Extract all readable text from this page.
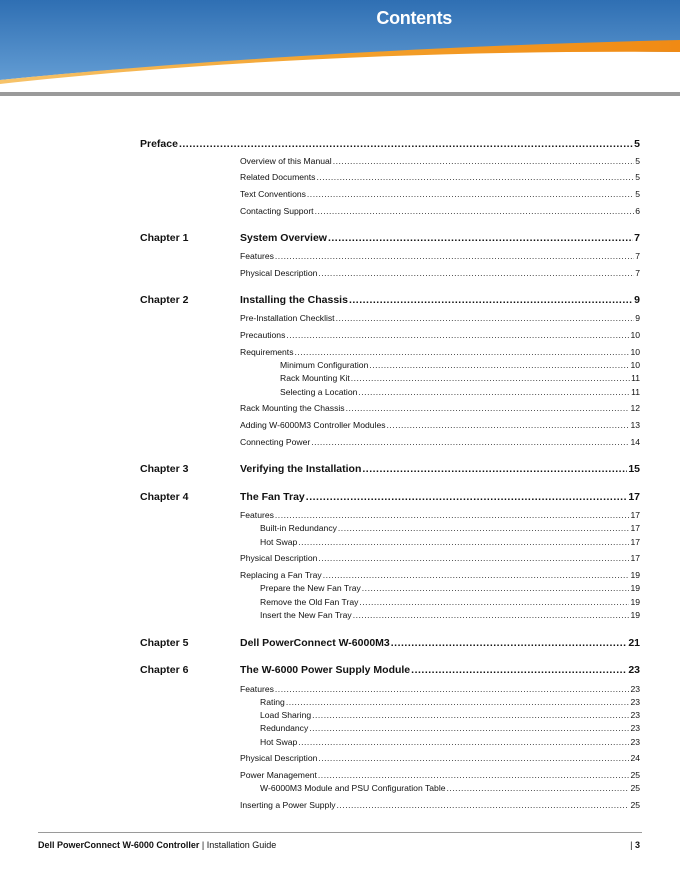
Contents
Preface .....	5
Overview of this Manual .....	5
Related Documents .....	5
Text Conventions .....	5
Contacting Support .....	6
Chapter 1	System Overview .....	7
Features .....	7
Physical Description .....	7
Chapter 2	Installing the Chassis .....	9
Pre-Installation Checklist .....	9
Precautions .....	10
Requirements .....	10
Minimum Configuration .....	10
Rack Mounting Kit .....	11
Selecting a Location .....	11
Rack Mounting the Chassis .....	12
Adding W-6000M3 Controller Modules .....	13
Connecting Power .....	14
Chapter 3	Verifying the Installation .....	15
Chapter 4	The Fan Tray .....	17
Features .....	17
Built-in Redundancy .....	17
Hot Swap .....	17
Physical Description .....	17
Replacing a Fan Tray .....	19
Prepare the New Fan Tray .....	19
Remove the Old Fan Tray .....	19
Insert the New Fan Tray .....	19
Chapter 5	Dell PowerConnect W-6000M3 .....	21
Chapter 6	The W-6000 Power Supply Module .....	23
Features .....	23
Rating .....	23
Load Sharing .....	23
Redundancy .....	23
Hot Swap .....	23
Physical Description .....	24
Power Management .....	25
W-6000M3 Module and PSU Configuration Table .....	25
Inserting a Power Supply .....	25
Dell PowerConnect W-6000 Controller | Installation Guide	| 3
